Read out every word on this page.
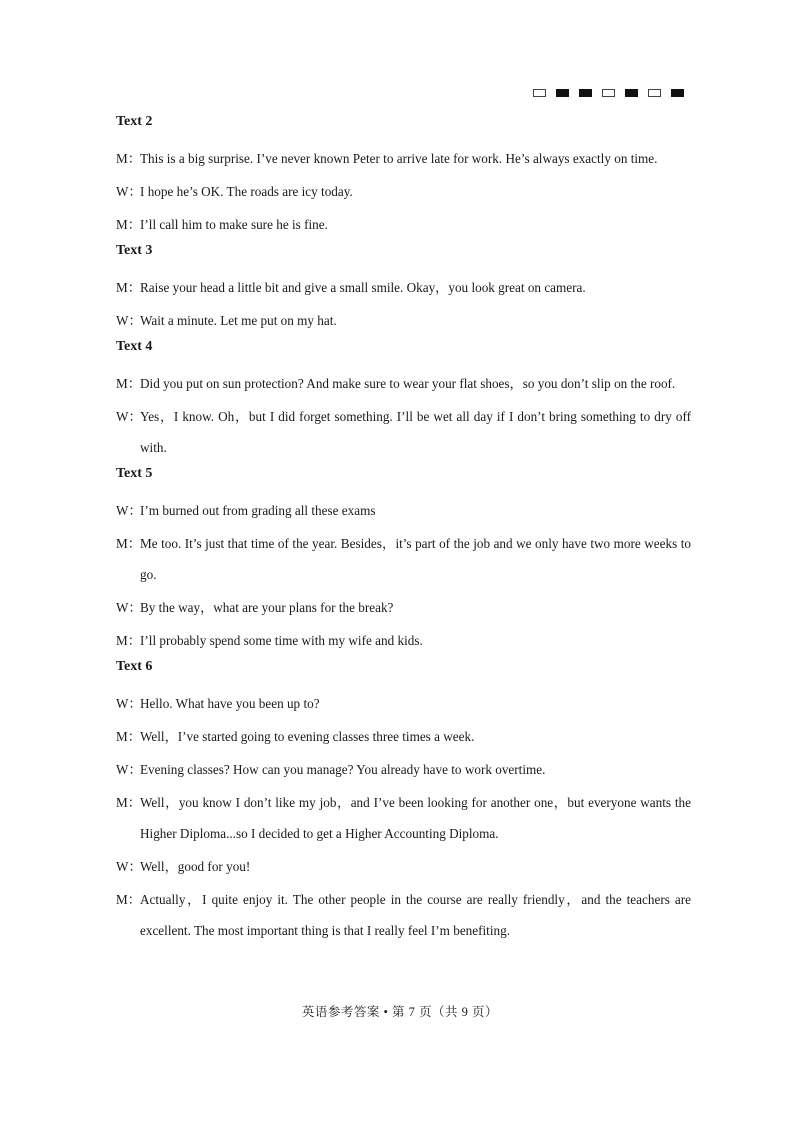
Text 2
M： This is a big surprise. I’ve never known Peter to arrive late for work. He’s always exactly on time.
W：
I hope he’s OK. The roads are icy today.
M： I’ll call him to make sure he is fine.
Text 3
M： Raise your head a little bit and give a small smile. Okay，you look great on camera.
W：
Wait a minute. Let me put on my hat.
Text 4
M： Did you put on sun protection? And make sure to wear your flat shoes，so you don’t slip on the roof.
W：
Yes，I know. Oh，but I did forget something. I’ll be wet all day if I don’t bring something to dry off with.
Text 5
W：
I’m burned out from grading all these exams
M： Me too. It’s just that time of the year. Besides，it’s part of the job and we only have two more weeks to go.
W：
By the way，what are your plans for the break?
M： I’ll probably spend some time with my wife and kids.
Text 6
W：
Hello. What have you been up to?
M： Well，I’ve started going to evening classes three times a week.
W：
Evening classes? How can you manage? You already have to work overtime.
M： Well，you know I don’t like my job，and I’ve been looking for another one，but everyone wants the Higher Diploma...so I decided to get a Higher Accounting Diploma.
W：
Well，good for you!
M： Actually，I quite enjoy it. The other people in the course are really friendly，and the teachers are excellent. The most important thing is that I really feel I’m benefiting.
英语参考答案 • 第 7 页（共 9 页）
